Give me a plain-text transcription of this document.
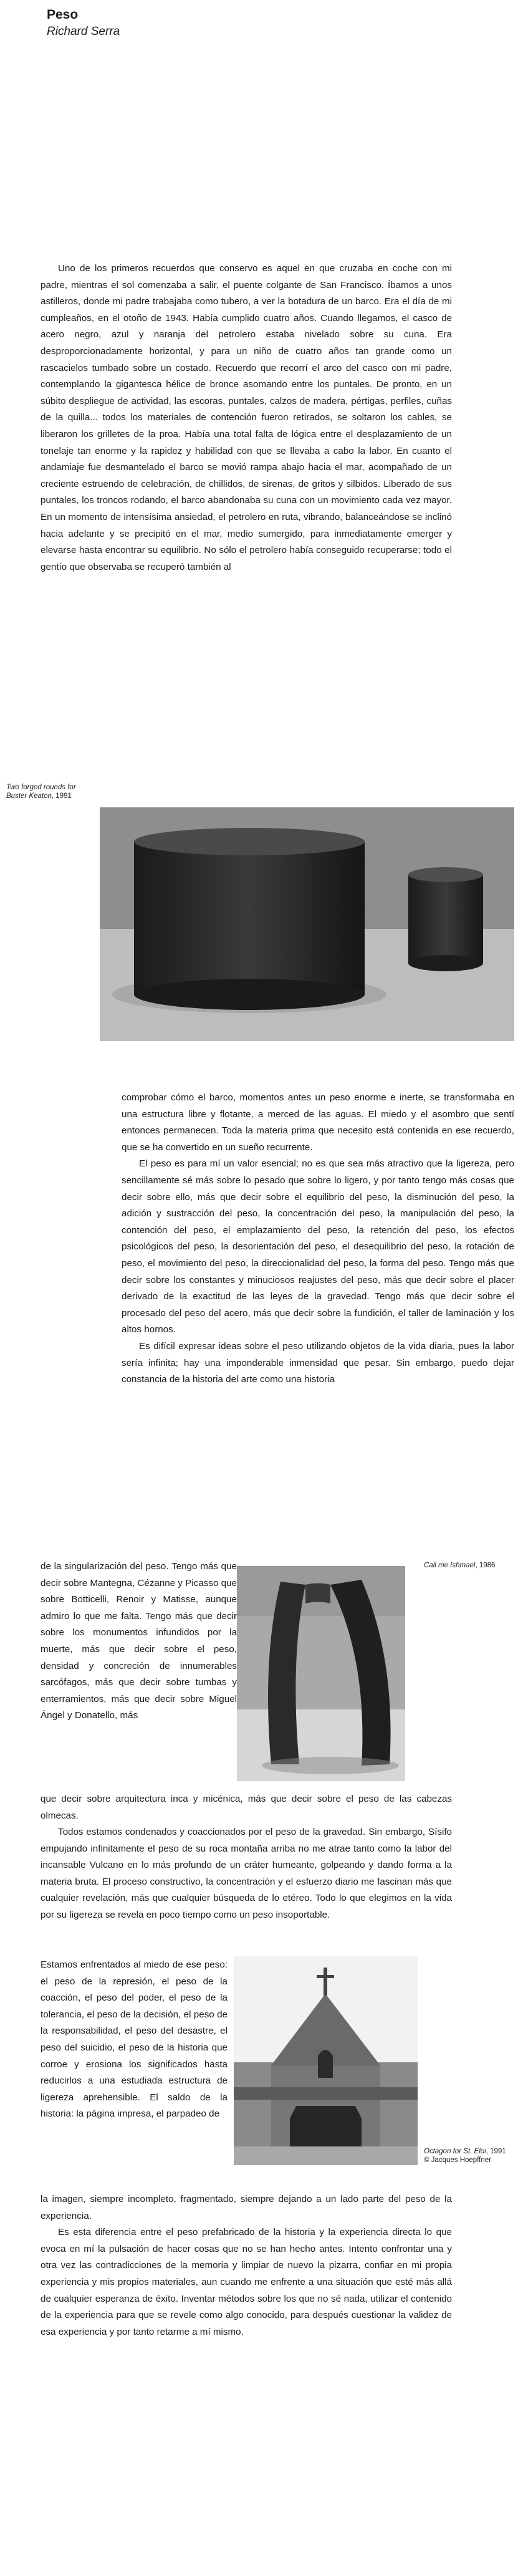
Peso
Richard Serra

Uno de los primeros recuerdos que conservo es aquel en que cruzaba en coche con mi padre, mientras el sol comenzaba a salir, el puente colgante de San Francisco. Íbamos a unos astilleros, donde mi padre trabajaba como tubero, a ver la botadura de un barco. Era el día de mi cumpleaños, en el otoño de 1943. Había cumplido cuatro años. Cuando llegamos, el casco de acero negro, azul y naranja del petrolero estaba nivelado sobre su cuna. Era desproporcionadamente horizontal, y para un niño de cuatro años tan grande como un rascacielos tumbado sobre un costado. Recuerdo que recorrí el arco del casco con mi padre, contemplando la gigantesca hélice de bronce asomando entre los puntales. De pronto, en un súbito despliegue de actividad, las escoras, puntales, calzos de madera, pértigas, perfiles, cuñas de la quilla... todos los materiales de contención fueron retirados, se soltaron los cables, se liberaron los grilletes de la proa. Había una total falta de lógica entre el desplazamiento de un tonelaje tan enorme y la rapidez y habilidad con que se llevaba a cabo la labor. En cuanto el andamiaje fue desmantelado el barco se movió rampa abajo hacia el mar, acompañado de un creciente estruendo de celebración, de chillidos, de sirenas, de gritos y silbidos. Liberado de sus puntales, los troncos rodando, el barco abandonaba su cuna con un movimiento cada vez mayor. En un momento de intensísima ansiedad, el petrolero en ruta, vibrando, balanceándose se inclinó hacia adelante y se precipitó en el mar, medio sumergido, para inmediatamente emerger y elevarse hasta encontrar su equilibrio. No sólo el petrolero había conseguido recuperarse; todo el gentío que observaba se recuperó también al

Two forged rounds for Buster Keaton, 1991

comprobar cómo el barco, momentos antes un peso enorme e inerte, se transformaba en una estructura libre y flotante, a merced de las aguas. El miedo y el asombro que sentí entonces permanecen. Toda la materia prima que necesito está contenida en ese recuerdo, que se ha convertido en un sueño recurrente.

El peso es para mí un valor esencial; no es que sea más atractivo que la ligereza, pero sencillamente sé más sobre lo pesado que sobre lo ligero, y por tanto tengo más cosas que decir sobre ello, más que decir sobre el equilibrio del peso, la disminución del peso, la adición y sustracción del peso, la concentración del peso, la manipulación del peso, la contención del peso, el emplazamiento del peso, la retención del peso, los efectos psicológicos del peso, la desorientación del peso, el desequilibrio del peso, la rotación de peso, el movimiento del peso, la direccionalidad del peso, la forma del peso. Tengo más que decir sobre los constantes y minuciosos reajustes del peso, más que decir sobre el placer derivado de la exactitud de las leyes de la gravedad. Tengo más que decir sobre el procesado del peso del acero, más que decir sobre la fundición, el taller de laminación y los altos hornos.

Es difícil expresar ideas sobre el peso utilizando objetos de la vida diaria, pues la labor sería infinita; hay una imponderable inmensidad que pesar. Sin embargo, puedo dejar constancia de la historia del arte como una historia

Call me Ishmael, 1986

de la singularización del peso. Tengo más que decir sobre Mantegna, Cézanne y Picasso que sobre Botticelli, Renoir y Matisse, aunque admiro lo que me falta. Tengo más que decir sobre los monumentos infundidos por la muerte, más que decir sobre el peso, densidad y concreción de innumerables sarcófagos, más que decir sobre tumbas y enterramientos, más que decir sobre Miguel Ángel y Donatello, más

que decir sobre arquitectura inca y micénica, más que decir sobre el peso de las cabezas olmecas.

Todos estamos condenados y coaccionados por el peso de la gravedad. Sin embargo, Sísifo empujando infinitamente el peso de su roca montaña arriba no me atrae tanto como la labor del incansable Vulcano en lo más profundo de un cráter humeante, golpeando y dando forma a la materia bruta. El proceso constructivo, la concentración y el esfuerzo diario me fascinan más que cualquier revelación, más que cualquier búsqueda de lo etéreo. Todo lo que elegimos en la vida por su ligereza se revela en poco tiempo como un peso insoportable.

Estamos enfrentados al miedo de ese peso: el peso de la represión, el peso de la coacción, el peso del poder, el peso de la tolerancia, el peso de la decisión, el peso de la responsabilidad, el peso del desastre, el peso del suicidio, el peso de la historia que corroe y erosiona los significados hasta reducirlos a una estudiada estructura de ligereza aprehensible. El saldo de la historia: la página impresa, el parpadeo de

Octagon for St. Eloi, 1991
© Jacques Hoepffner

la imagen, siempre incompleto, fragmentado, siempre dejando a un lado parte del peso de la experiencia.

Es esta diferencia entre el peso prefabricado de la historia y la experiencia directa lo que evoca en mí la pulsación de hacer cosas que no se han hecho antes. Intento confrontar una y otra vez las contradicciones de la memoria y limpiar de nuevo la pizarra, confiar en mi propia experiencia y mis propios materiales, aun cuando me enfrente a una situación que esté más allá de cualquier esperanza de éxito. Inventar métodos sobre los que no sé nada, utilizar el contenido de la experiencia para que se revele como algo conocido, para después cuestionar la validez de esa experiencia y por tanto retarme a mí mismo.
